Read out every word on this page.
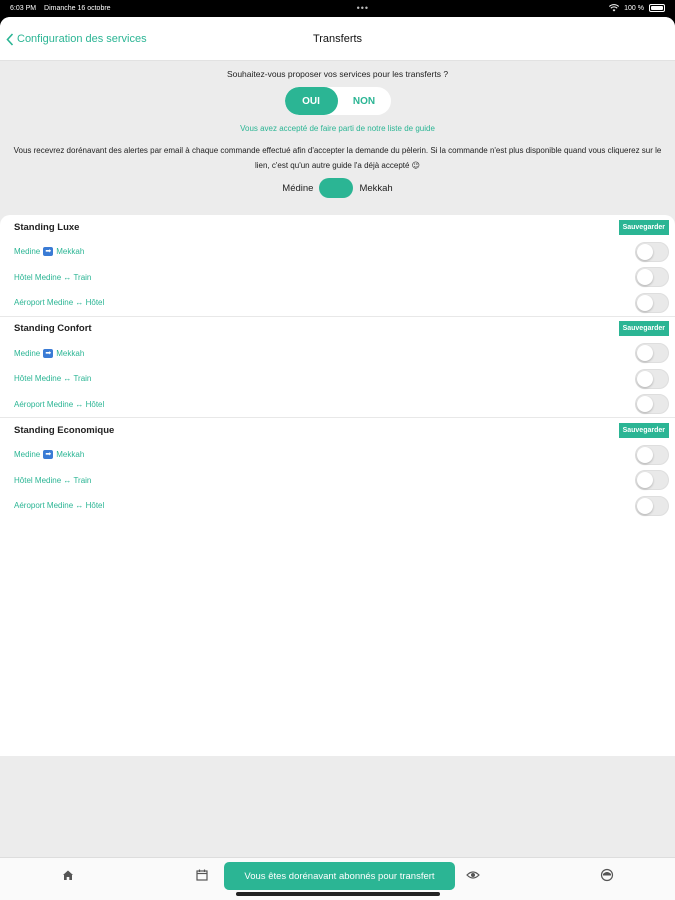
6:03 PM Dimanche 16 octobre	•••	100 %
Configuration des services	Transferts
Souhaitez-vous proposer vos services pour les transferts ?
OUI	NON
Vous avez accepté de faire parti de notre liste de guide
Vous recevrez dorénavant des alertes par email à chaque commande effectué afin d'accepter la demande du pèlerin. Si la commande n'est plus disponible quand vous cliquerez sur le lien, c'est qu'un autre guide l'a déjà accepté 😉
Médine	Mekkah
Standing Luxe	Sauvegarder
Medine ➡ Mekkah
Hôtel Medine ↔ Train
Aéroport Medine ↔ Hôtel
Standing Confort	Sauvegarder
Medine ➡ Mekkah
Hôtel Medine ↔ Train
Aéroport Medine ↔ Hôtel
Standing Economique	Sauvegarder
Medine ➡ Mekkah
Hôtel Medine ↔ Train
Aéroport Medine ↔ Hôtel
Vous êtes dorénavant abonnés pour transfert
